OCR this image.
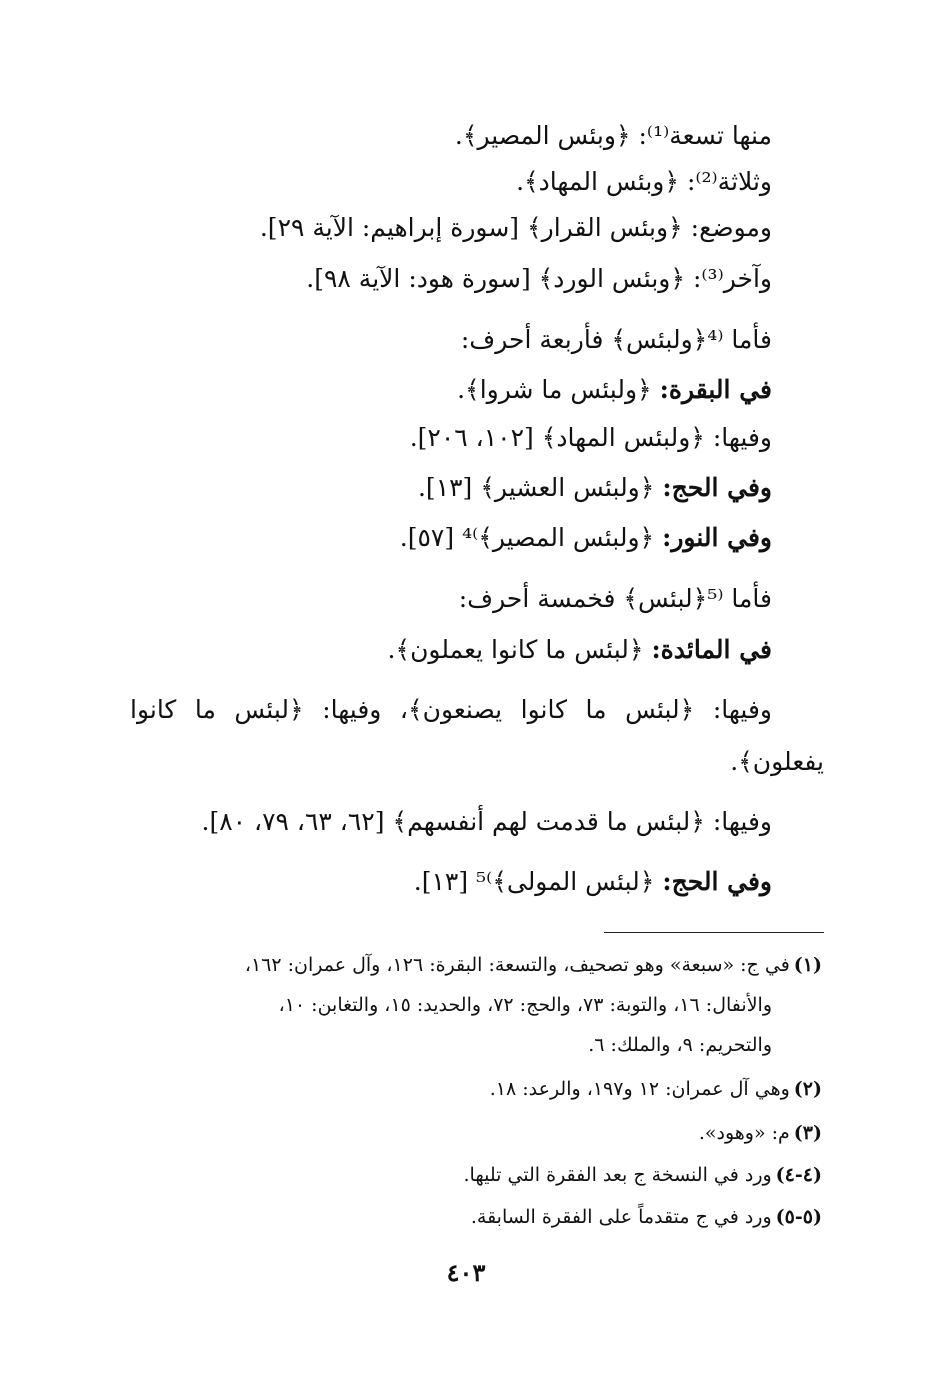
منها تسعة⁽¹⁾: ﴿وبئس المصير﴾.
وثلاثة⁽²⁾: ﴿وبئس المهاد﴾.
وموضع: ﴿وبئس القرار﴾ [سورة إبراهيم: الآية ٢٩].
وآخر⁽³⁾: ﴿وبئس الورد﴾ [سورة هود: الآية ٩٨].
فأما ⁽⁴﴿ولبئس﴾ فأربعة أحرف:
في البقرة: ﴿ولبئس ما شروا﴾.
وفيها: ﴿ولبئس المهاد﴾ [١٠٢، ٢٠٦].
وفي الحج: ﴿ولبئس العشير﴾ [١٣].
وفي النور: ﴿ولبئس المصير﴾⁾⁴ [٥٧].
فأما ⁽⁵﴿لبئس﴾ فخمسة أحرف:
في المائدة: ﴿لبئس ما كانوا يعملون﴾.
وفيها: ﴿لبئس ما كانوا يصنعون﴾، وفيها: ﴿لبئس ما كانوا
يفعلون﴾.
وفيها: ﴿لبئس ما قدمت لهم أنفسهم﴾ [٦٢، ٦٣، ٧٩، ٨٠].
وفي الحج: ﴿لبئس المولى﴾⁾⁵ [١٣].
(١)في ج: «سبعة» وهو تصحيف، والتسعة: البقرة: ١٢٦، وآل عمران: ١٦٢،
والأنفال: ١٦، والتوبة: ٧٣، والحج: ٧٢، والحديد: ١٥، والتغابن: ١٠،
والتحريم: ٩، والملك: ٦.
(٢)وهي آل عمران: ١٢ و١٩٧، والرعد: ١٨.
(٣)م: «وهود».
(٤-٤)ورد في النسخة ج بعد الفقرة التي تليها.
(٥-٥)ورد في ج متقدماً على الفقرة السابقة.
٤٠٣
